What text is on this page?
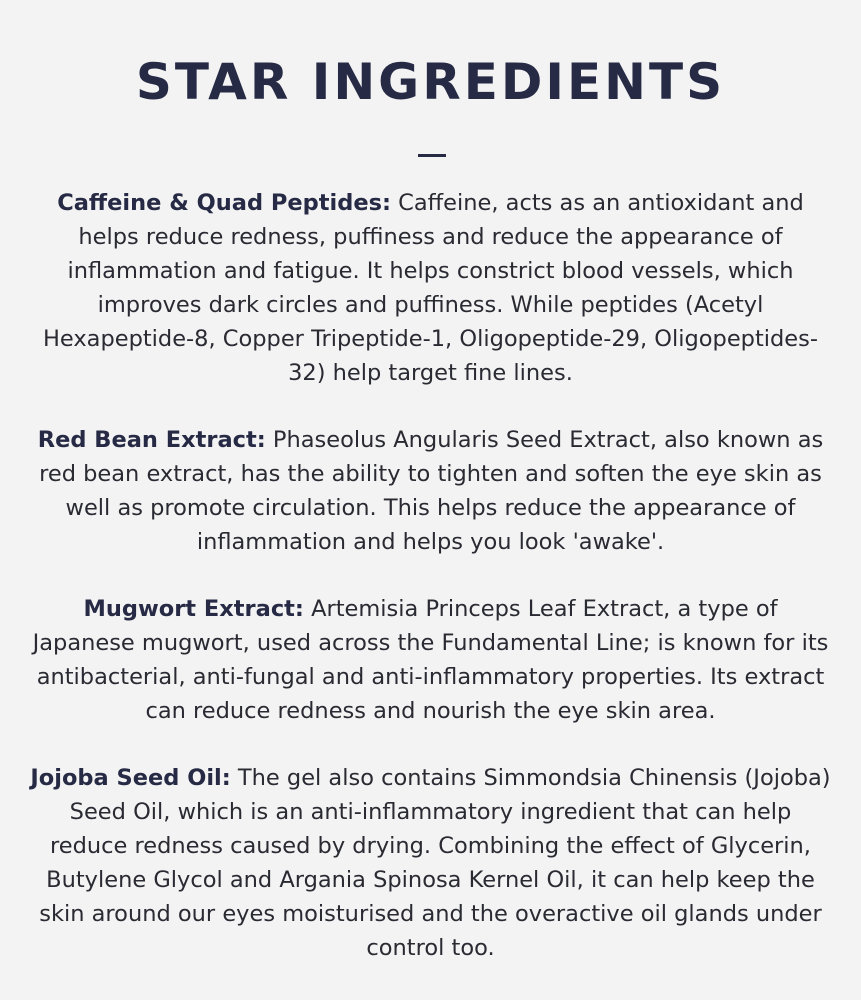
STAR INGREDIENTS

Caffeine & Quad Peptides: Caffeine, acts as an antioxidant and helps reduce redness, puffiness and reduce the appearance of inflammation and fatigue. It helps constrict blood vessels, which improves dark circles and puffiness. While peptides (Acetyl Hexapeptide-8, Copper Tripeptide-1, Oligopeptide-29, Oligopeptides-32) help target fine lines.

Red Bean Extract: Phaseolus Angularis Seed Extract, also known as red bean extract, has the ability to tighten and soften the eye skin as well as promote circulation. This helps reduce the appearance of inflammation and helps you look 'awake'.

Mugwort Extract: Artemisia Princeps Leaf Extract, a type of Japanese mugwort, used across the Fundamental Line; is known for its antibacterial, anti-fungal and anti-inflammatory properties. Its extract can reduce redness and nourish the eye skin area.

Jojoba Seed Oil: The gel also contains Simmondsia Chinensis (Jojoba) Seed Oil, which is an anti-inflammatory ingredient that can help reduce redness caused by drying. Combining the effect of Glycerin, Butylene Glycol and Argania Spinosa Kernel Oil, it can help keep the skin around our eyes moisturised and the overactive oil glands under control too.
